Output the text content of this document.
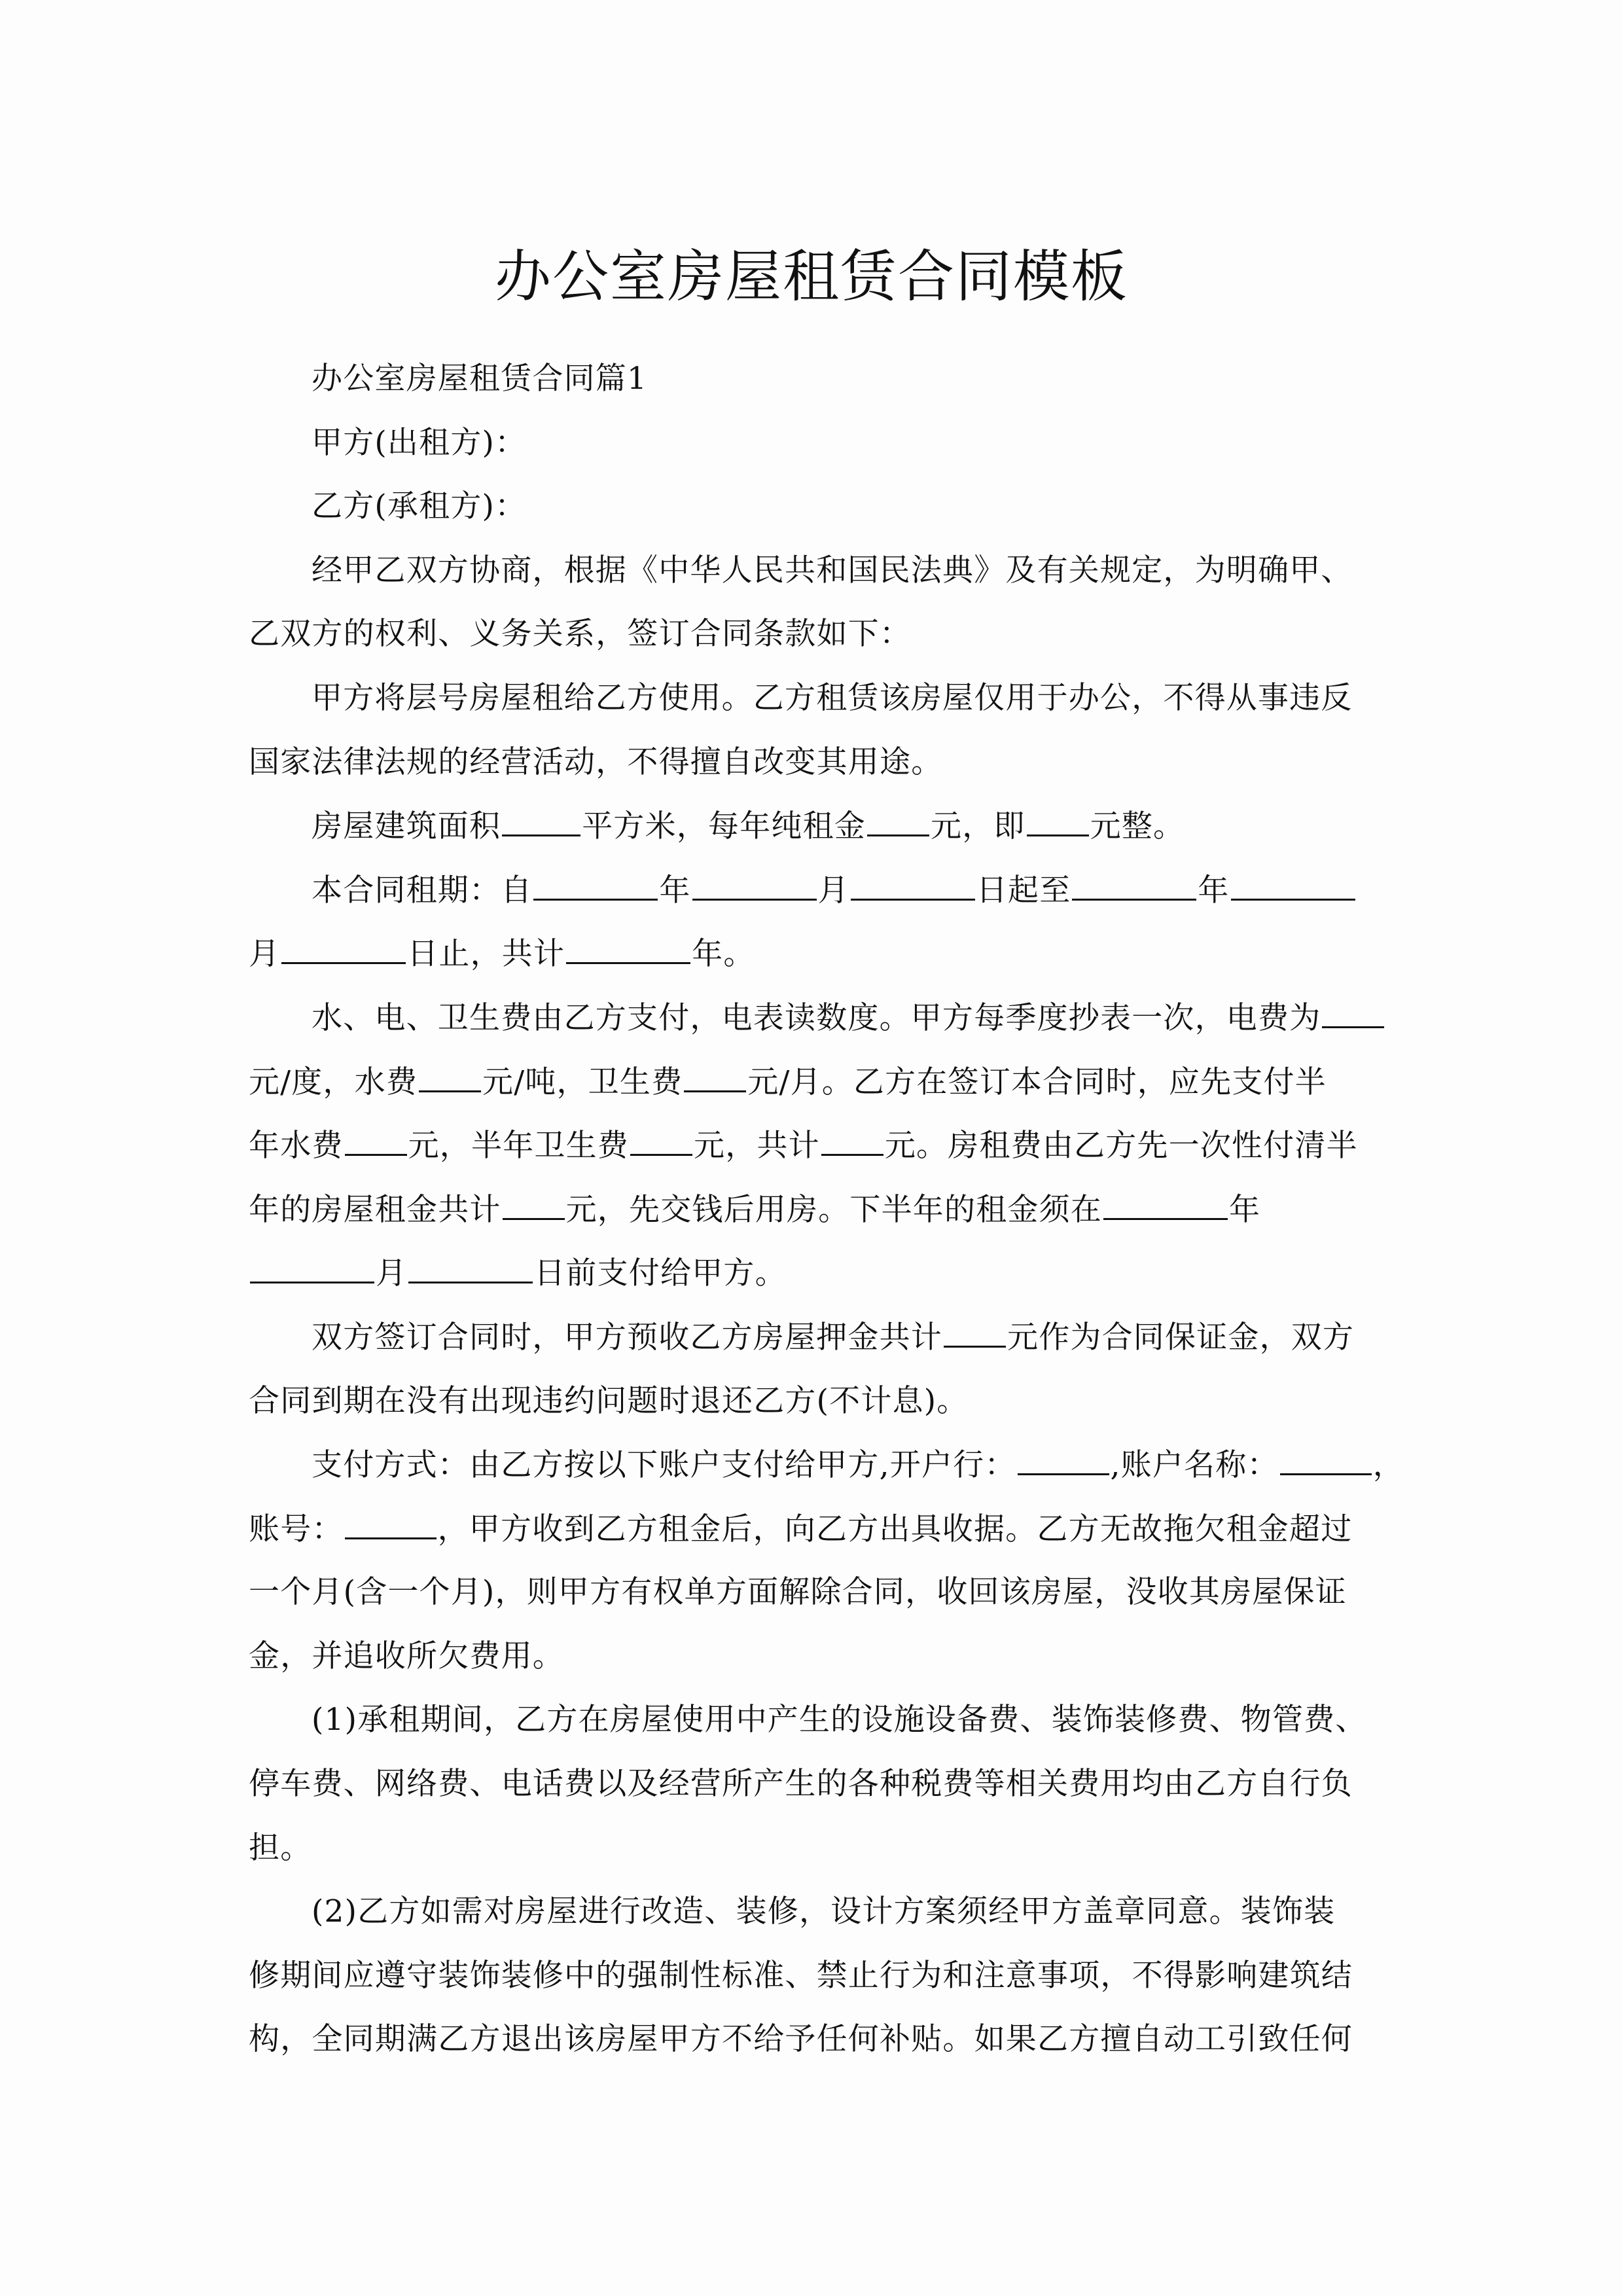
办公室房屋租赁合同模板
办公室房屋租赁合同篇1
甲方(出租方)：
乙方(承租方)：
经甲乙双方协商，根据《中华人民共和国民法典》及有关规定，为明确甲、
乙双方的权利、义务关系，签订合同条款如下：
甲方将层号房屋租给乙方使用。乙方租赁该房屋仅用于办公，不得从事违反
国家法律法规的经营活动，不得擅自改变其用途。
房屋建筑面积	平方米，每年纯租金 元，即 元整。
本合同租期：自	年	月	日起至	年
月	日止，共计	年。
水、电、卫生费由乙方支付，电表读数度。甲方每季度抄表一次，电费为
元/度，水费 元/吨，卫生费 元/月。乙方在签订本合同时，应先支付半
年水费 元，半年卫生费 元，共计 元。房租费由乙方先一次性付清半
年的房屋租金共计 元，先交钱后用房。下半年的租金须在	年
月	日前支付给甲方。
双方签订合同时，甲方预收乙方房屋押金共计 元作为合同保证金，双方
合同到期在没有出现违约问题时退还乙方(不计息)。
支付方式：由乙方按以下账户支付给甲方,开户行：	,账户名称：	，
账号：	，甲方收到乙方租金后，向乙方出具收据。乙方无故拖欠租金超过
一个月(含一个月)，则甲方有权单方面解除合同，收回该房屋，没收其房屋保证
金，并追收所欠费用。
(1)承租期间，乙方在房屋使用中产生的设施设备费、装饰装修费、物管费、
停车费、网络费、电话费以及经营所产生的各种税费等相关费用均由乙方自行负
担。
(2)乙方如需对房屋进行改造、装修，设计方案须经甲方盖章同意。装饰装
修期间应遵守装饰装修中的强制性标准、禁止行为和注意事项，不得影响建筑结
构，全同期满乙方退出该房屋甲方不给予任何补贴。如果乙方擅自动工引致任何
